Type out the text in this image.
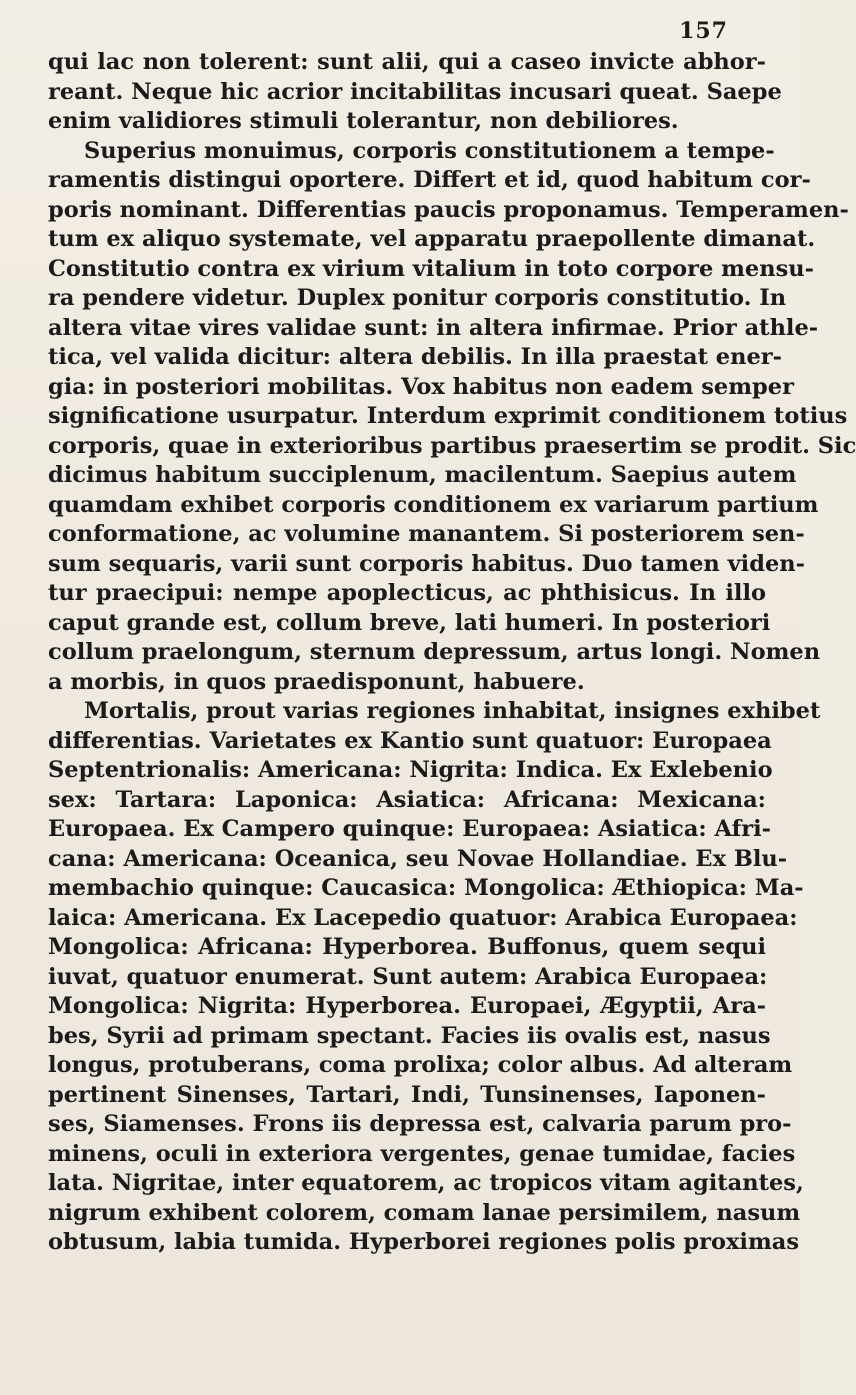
157
qui lac non tolerent: sunt alii, qui a caseo invicte abhor-
reant. Neque hic acrior incitabilitas incusari queat. Saepe
enim validiores stimuli tolerantur, non debiliores.
Superius monuimus, corporis constitutionem a tempe-
ramentis distingui oportere. Differt et id, quod habitum cor-
poris nominant. Differentias paucis proponamus. Temperamen-
tum ex aliquo systemate, vel apparatu praepollente dimanat.
Constitutio contra ex virium vitalium in toto corpore mensu-
ra pendere videtur. Duplex ponitur corporis constitutio. In
altera vitae vires validae sunt: in altera infirmae. Prior athle-
tica, vel valida dicitur: altera debilis. In illa praestat ener-
gia: in posteriori mobilitas. Vox habitus non eadem semper
significatione usurpatur. Interdum exprimit conditionem totius
corporis, quae in exterioribus partibus praesertim se prodit. Sic
dicimus habitum succiplenum, macilentum. Saepius autem
quamdam exhibet corporis conditionem ex variarum partium
conformatione, ac volumine manantem. Si posteriorem sen-
sum sequaris, varii sunt corporis habitus. Duo tamen viden-
tur praecipui: nempe apoplecticus, ac phthisicus. In illo
caput grande est, collum breve, lati humeri. In posteriori
collum praelongum, sternum depressum, artus longi. Nomen
a morbis, in quos praedisponunt, habuere.
Mortalis, prout varias regiones inhabitat, insignes exhibet
differentias. Varietates ex Kantio sunt quatuor: Europaea
Septentrionalis: Americana: Nigrita: Indica. Ex Exlebenio
sex: Tartara: Laponica: Asiatica: Africana: Mexicana:
Europaea. Ex Campero quinque: Europaea: Asiatica: Afri-
cana: Americana: Oceanica, seu Novae Hollandiae. Ex Blu-
membachio quinque: Caucasica: Mongolica: Æthiopica: Ma-
laica: Americana. Ex Lacepedio quatuor: Arabica Europaea:
Mongolica: Africana: Hyperborea. Buffonus, quem sequi
iuvat, quatuor enumerat. Sunt autem: Arabica Europaea:
Mongolica: Nigrita: Hyperborea. Europaei, Ægyptii, Ara-
bes, Syrii ad primam spectant. Facies iis ovalis est, nasus
longus, protuberans, coma prolixa; color albus. Ad alteram
pertinent Sinenses, Tartari, Indi, Tunsinenses, Iaponen-
ses, Siamenses. Frons iis depressa est, calvaria parum pro-
minens, oculi in exteriora vergentes, genae tumidae, facies
lata. Nigritae, inter equatorem, ac tropicos vitam agitantes,
nigrum exhibent colorem, comam lanae persimilem, nasum
obtusum, labia tumida. Hyperborei regiones polis proximas
